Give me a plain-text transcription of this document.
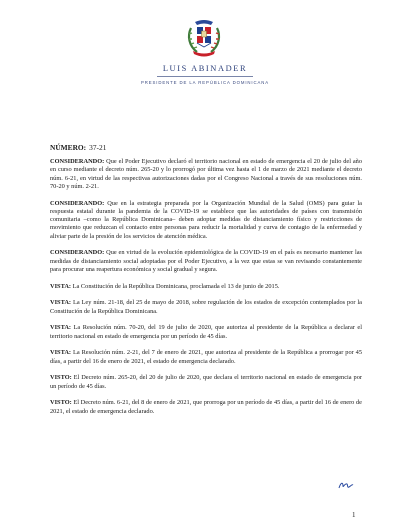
LUIS ABINADER
PRESIDENTE DE LA REPÚBLICA DOMINICANA
NÚMERO: 37-21

CONSIDERANDO: Que el Poder Ejecutivo declaró el territorio nacional en estado de emergencia el 20 de julio del año en curso mediante el decreto núm. 265-20 y lo prorrogó por última vez hasta el 1 de marzo de 2021 mediante el decreto núm. 6-21, en virtud de las respectivas autorizaciones dadas por el Congreso Nacional a través de sus resoluciones núm. 70-20 y núm. 2-21.

CONSIDERANDO: Que en la estrategia preparada por la Organización Mundial de la Salud (OMS) para guiar la respuesta estatal durante la pandemia de la COVID-19 se establece que las autoridades de países con transmisión comunitaria –como la República Dominicana– deben adoptar medidas de distanciamiento físico y restricciones de movimiento que reduzcan el contacto entre personas para reducir la mortalidad y curva de contagio de la enfermedad y aliviar parte de la presión de los servicios de atención médica.

CONSIDERANDO: Que en virtud de la evolución epidemiológica de la COVID-19 en el país es necesario mantener las medidas de distanciamiento social adoptadas por el Poder Ejecutivo, a la vez que estas se van revisando constantemente para procurar una reapertura económica y social gradual y segura.

VISTA: La Constitución de la República Dominicana, proclamada el 13 de junio de 2015.

VISTA: La Ley núm. 21-18, del 25 de mayo de 2018, sobre regulación de los estados de excepción contemplados por la Constitución de la República Dominicana.

VISTA: La Resolución núm. 70-20, del 19 de julio de 2020, que autoriza al presidente de la República a declarar el territorio nacional en estado de emergencia por un período de 45 días.

VISTA: La Resolución núm. 2-21, del 7 de enero de 2021, que autoriza al presidente de la República a prorrogar por 45 días, a partir del 16 de enero de 2021, el estado de emergencia declarado.

VISTO: El Decreto núm. 265-20, del 20 de julio de 2020, que declara el territorio nacional en estado de emergencia por un período de 45 días.

VISTO: El Decreto núm. 6-21, del 8 de enero de 2021, que prorroga por un período de 45 días, a partir del 16 de enero de 2021, el estado de emergencia declarado.

1
